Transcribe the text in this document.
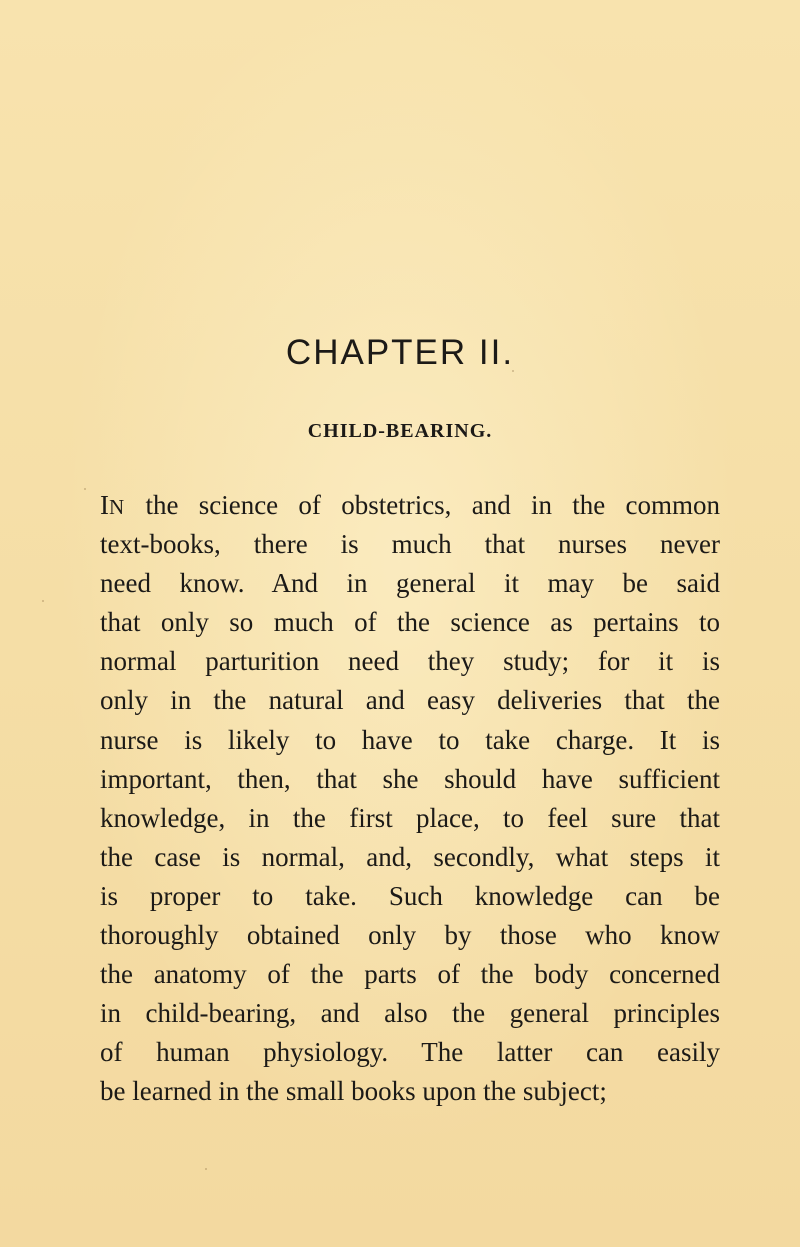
CHAPTER II.
CHILD-BEARING.
IN the science of obstetrics, and in the common
text-books, there is much that nurses never
need know. And in general it may be said
that only so much of the science as pertains to
normal parturition need they study; for it is
only in the natural and easy deliveries that the
nurse is likely to have to take charge. It is
important, then, that she should have sufficient
knowledge, in the first place, to feel sure that
the case is normal, and, secondly, what steps it
is proper to take. Such knowledge can be
thoroughly obtained only by those who know
the anatomy of the parts of the body concerned
in child-bearing, and also the general principles
of human physiology. The latter can easily
be learned in the small books upon the subject;
